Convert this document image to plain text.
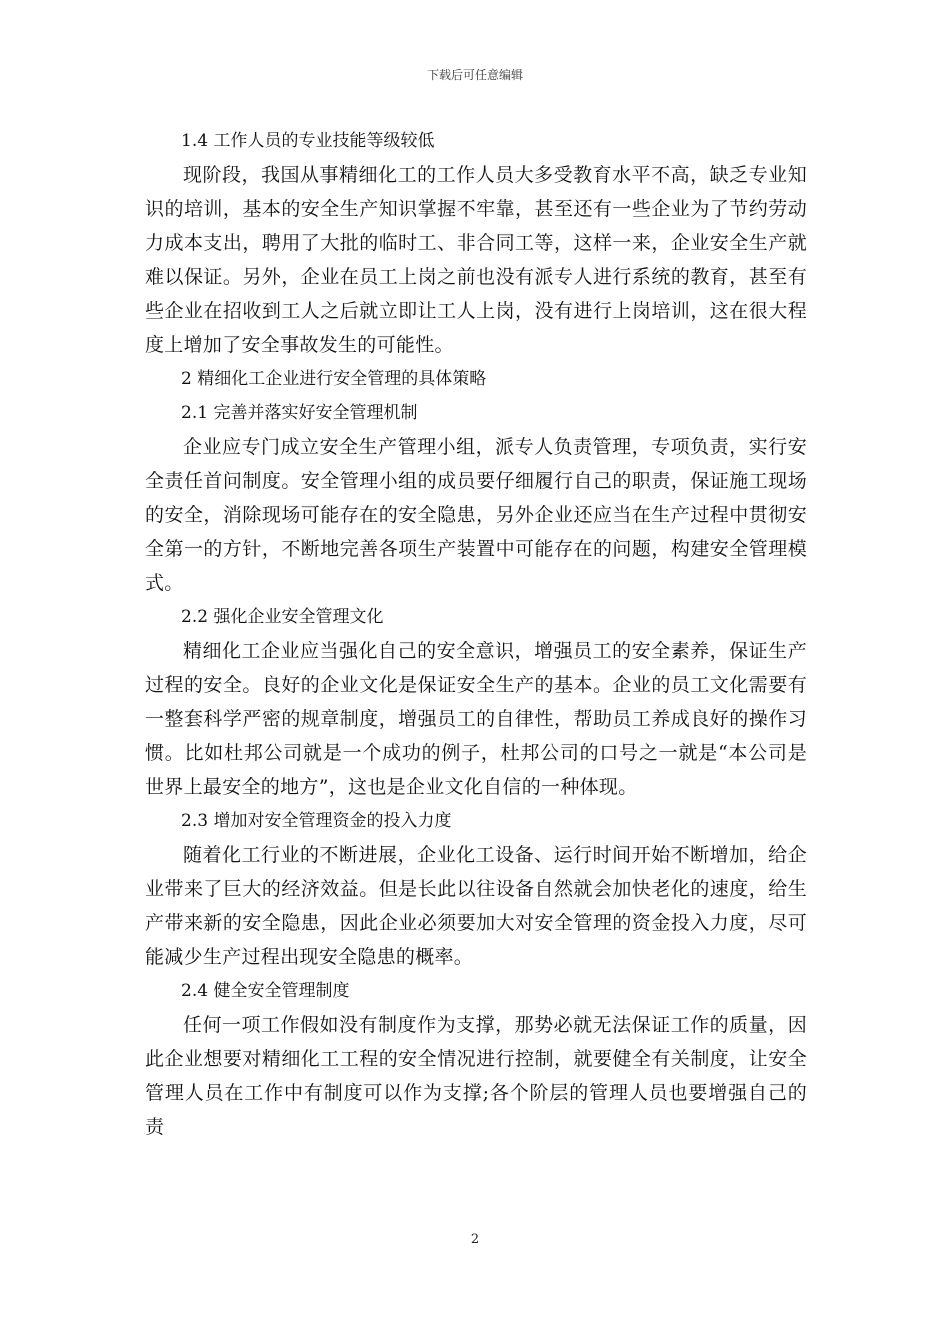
下载后可任意编辑

1.4 工作人员的专业技能等级较低

现阶段，我国从事精细化工的工作人员大多受教育水平不高，缺乏专业知识的培训，基本的安全生产知识掌握不牢靠，甚至还有一些企业为了节约劳动力成本支出，聘用了大批的临时工、非合同工等，这样一来，企业安全生产就难以保证。另外，企业在员工上岗之前也没有派专人进行系统的教育，甚至有些企业在招收到工人之后就立即让工人上岗，没有进行上岗培训，这在很大程度上增加了安全事故发生的可能性。

2 精细化工企业进行安全管理的具体策略

2.1 完善并落实好安全管理机制

企业应专门成立安全生产管理小组，派专人负责管理，专项负责，实行安全责任首问制度。安全管理小组的成员要仔细履行自己的职责，保证施工现场的安全，消除现场可能存在的安全隐患，另外企业还应当在生产过程中贯彻安全第一的方针，不断地完善各项生产装置中可能存在的问题，构建安全管理模式。

2.2 强化企业安全管理文化

精细化工企业应当强化自己的安全意识，增强员工的安全素养，保证生产过程的安全。良好的企业文化是保证安全生产的基本。企业的员工文化需要有一整套科学严密的规章制度，增强员工的自律性，帮助员工养成良好的操作习惯。比如杜邦公司就是一个成功的例子，杜邦公司的口号之一就是“本公司是世界上最安全的地方”，这也是企业文化自信的一种体现。

2.3 增加对安全管理资金的投入力度

随着化工行业的不断进展，企业化工设备、运行时间开始不断增加，给企业带来了巨大的经济效益。但是长此以往设备自然就会加快老化的速度，给生产带来新的安全隐患，因此企业必须要加大对安全管理的资金投入力度，尽可能减少生产过程出现安全隐患的概率。

2.4 健全安全管理制度

任何一项工作假如没有制度作为支撑，那势必就无法保证工作的质量，因此企业想要对精细化工工程的安全情况进行控制，就要健全有关制度，让安全管理人员在工作中有制度可以作为支撑;各个阶层的管理人员也要增强自己的责

2
